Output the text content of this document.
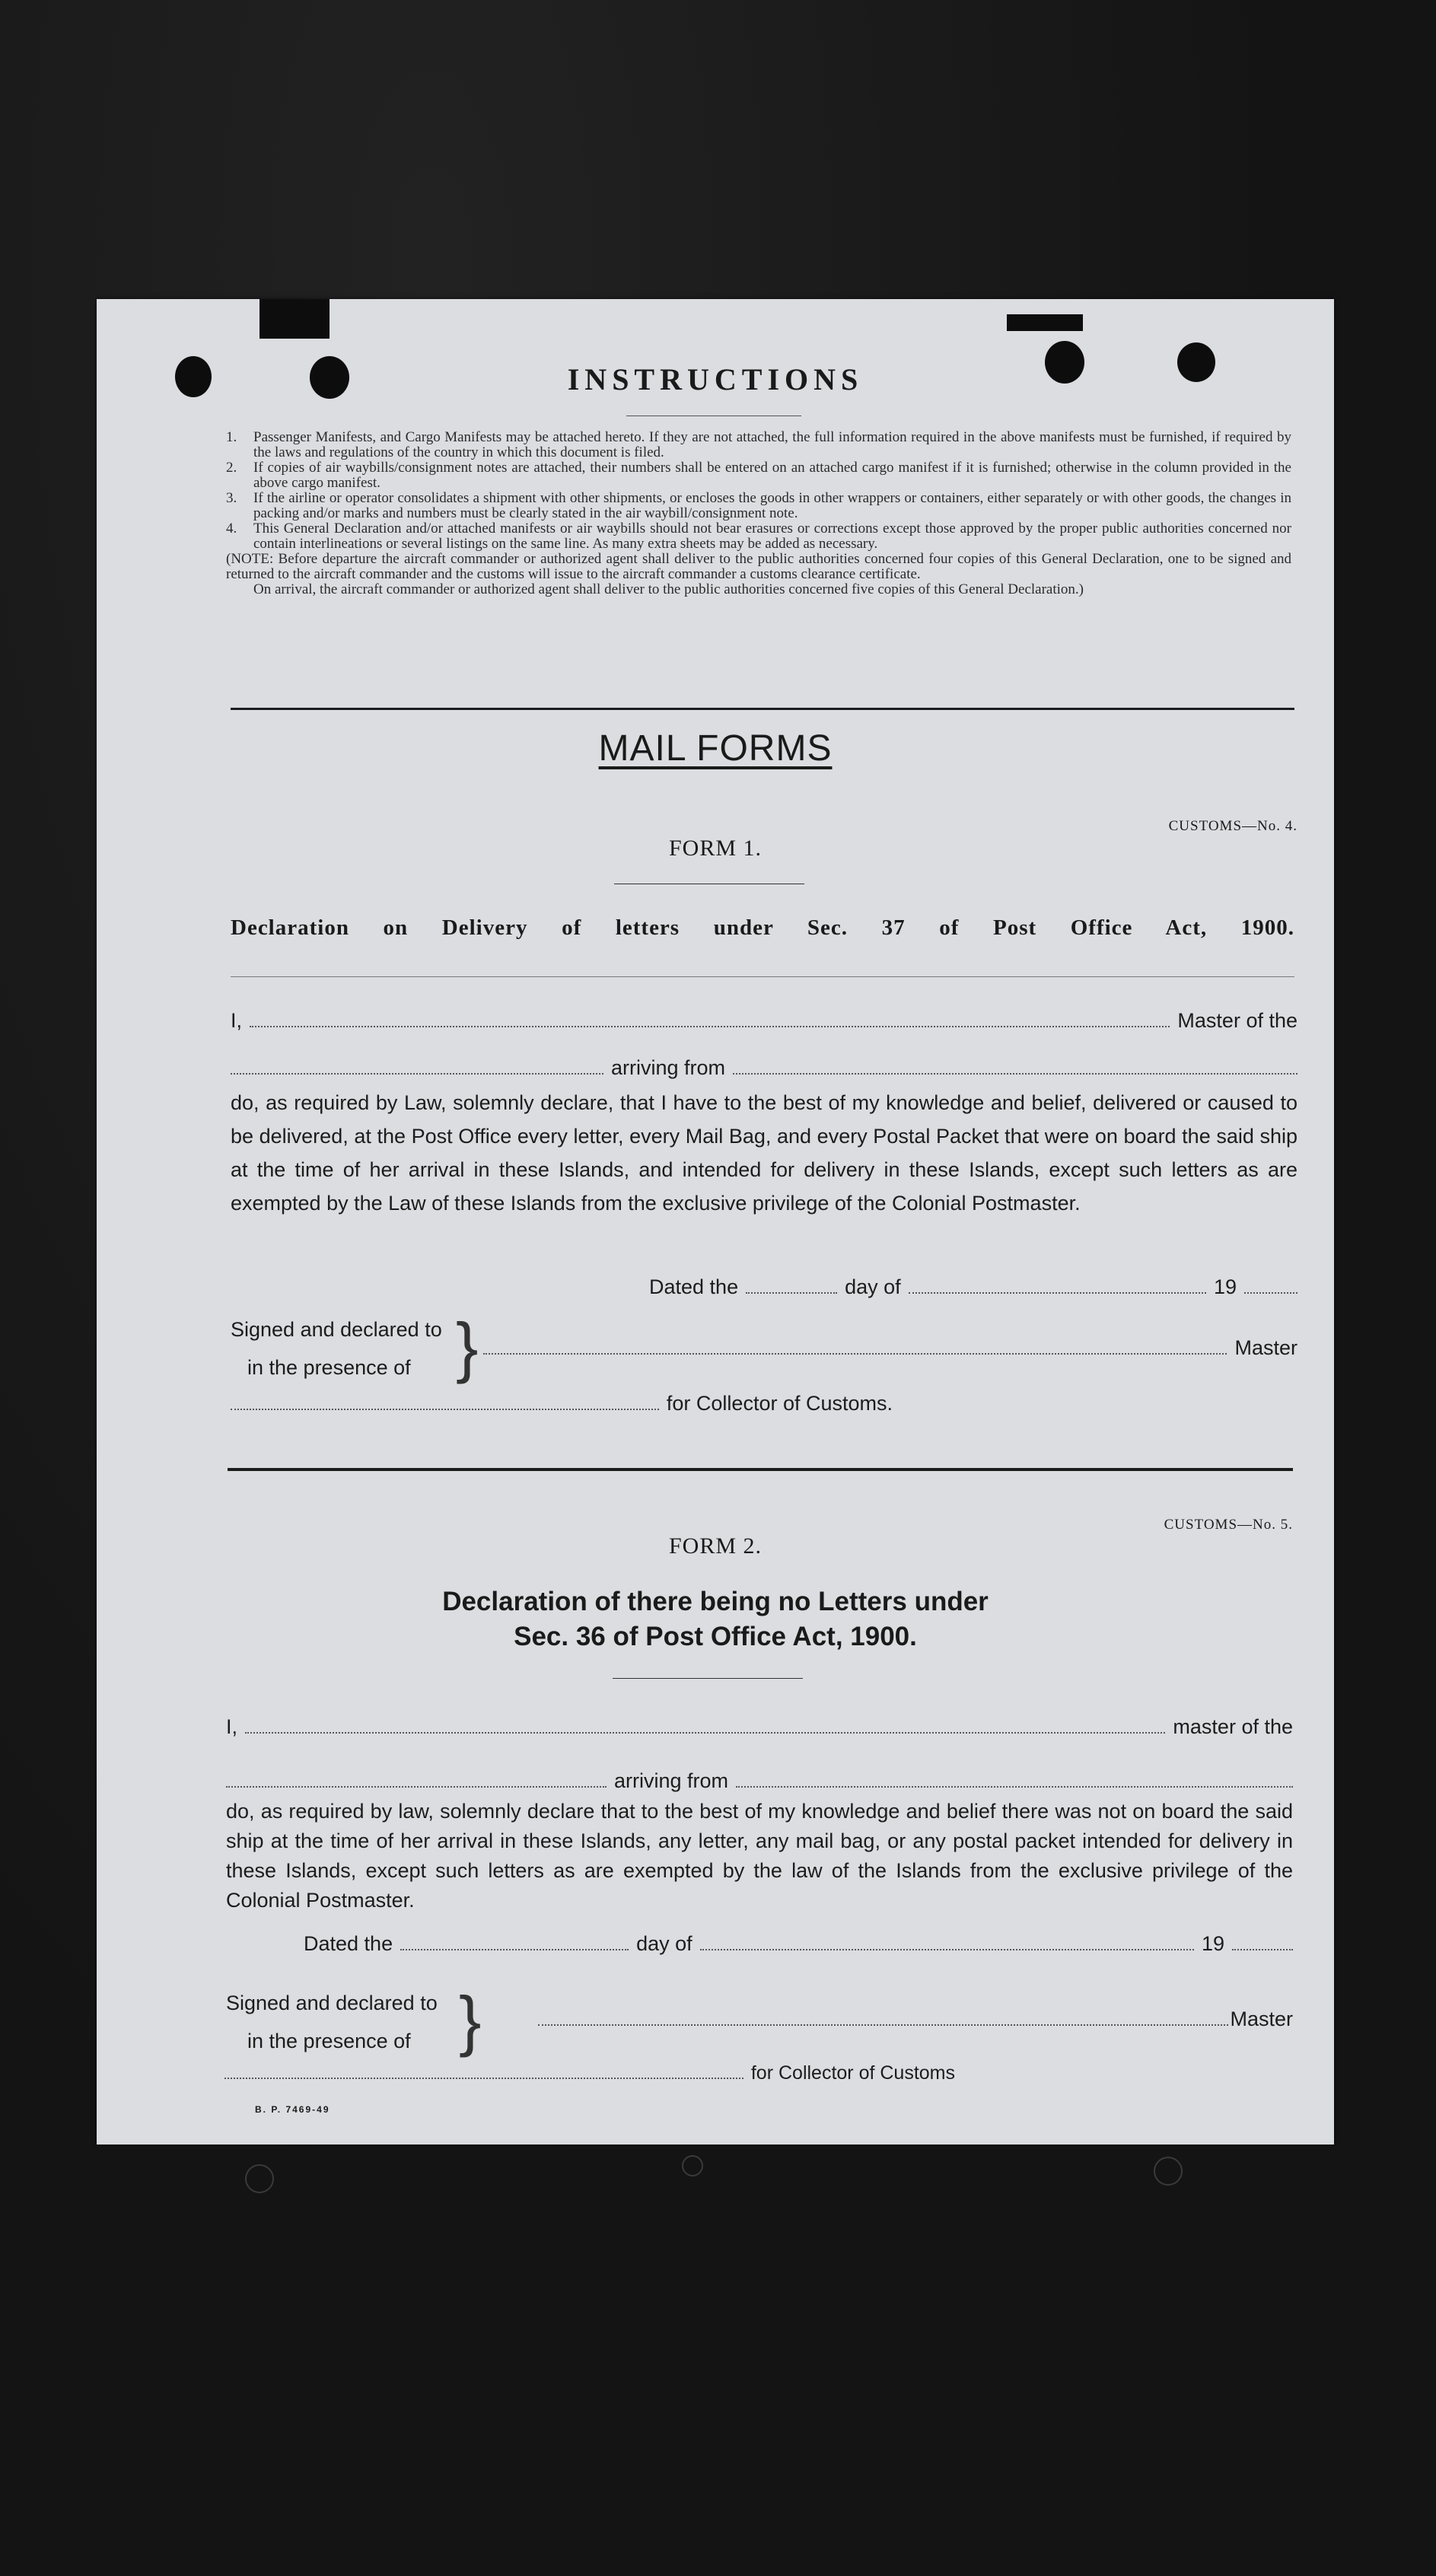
INSTRUCTIONS

1.	Passenger Manifests, and Cargo Manifests may be attached hereto. If they are not attached, the full information required in the above manifests must be furnished, if required by the laws and regulations of the country in which this document is filed.

2.	If copies of air waybills/consignment notes are attached, their numbers shall be entered on an attached cargo manifest if it is furnished; otherwise in the column provided in the above cargo manifest.

3.	If the airline or operator consolidates a shipment with other shipments, or encloses the goods in other wrappers or containers, either separately or with other goods, the changes in packing and/or marks and numbers must be clearly stated in the air waybill/consignment note.

4.	This General Declaration and/or attached manifests or air waybills should not bear erasures or corrections except those approved by the proper public authorities concerned nor contain interlineations or several listings on the same line. As many extra sheets may be added as necessary.

(NOTE: Before departure the aircraft commander or authorized agent shall deliver to the public authorities concerned four copies of this General Declaration, one to be signed and returned to the aircraft commander and the customs will issue to the aircraft commander a customs clearance certificate.

On arrival, the aircraft commander or authorized agent shall deliver to the public authorities concerned five copies of this General Declaration.)

MAIL FORMS
CUSTOMS—No. 4.
FORM 1.
Declaration on Delivery of letters under Sec. 37 of Post Office Act, 1900.
I,	Master of the
arriving from
do, as required by Law, solemnly declare, that I have to the best of my knowledge and belief, delivered or caused to be delivered, at the Post Office every letter, every Mail Bag, and every Postal Packet that were on board the said ship at the time of her arrival in these Islands, and intended for delivery in these Islands, except such letters as are exempted by the Law of these Islands from the exclusive privilege of the Colonial Postmaster.
Dated the	day of	19
Signed and declared to
in the presence of }	Master
for Collector of Customs.
CUSTOMS—No. 5.
FORM 2.
Declaration of there being no Letters under
Sec. 36 of Post Office Act, 1900.
I,	master of the
arriving from
do, as required by law, solemnly declare that to the best of my knowledge and belief there was not on board the said ship at the time of her arrival in these Islands, any letter, any mail bag, or any postal packet intended for delivery in these Islands, except such letters as are exempted by the law of the Islands from the exclusive privilege of the Colonial Postmaster.
Dated the	day of	19
Signed and declared to
in the presence of }	Master
for Collector of Customs
B. P. 7469-49
